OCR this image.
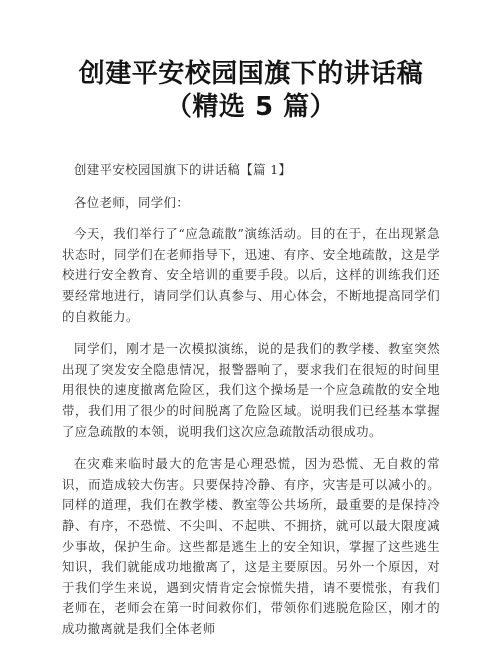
创建平安校园国旗下的讲话稿
（精选 5 篇）

创建平安校园国旗下的讲话稿【篇 1】

各位老师，同学们：

今天，我们举行了“应急疏散”演练活动。目的在于，在出现紧急状态时，同学们在老师指导下，迅速、有序、安全地疏散，这是学校进行安全教育、安全培训的重要手段。以后，这样的训练我们还要经常地进行，请同学们认真参与、用心体会，不断地提高同学们的自救能力。

同学们，刚才是一次模拟演练，说的是我们的教学楼、教室突然出现了突发安全隐患情况，报警器响了，要求我们在很短的时间里用很快的速度撤离危险区，我们这个操场是一个应急疏散的安全地带，我们用了很少的时间脱离了危险区域。说明我们已经基本掌握了应急疏散的本领，说明我们这次应急疏散活动很成功。

在灾难来临时最大的危害是心理恐慌，因为恐慌、无自救的常识，而造成较大伤害。只要保持冷静、有序，灾害是可以减小的。同样的道理，我们在教学楼、教室等公共场所，最重要的是保持冷静、有序，不恐慌、不尖叫、不起哄、不拥挤，就可以最大限度减少事故，保护生命。这些都是逃生上的安全知识，掌握了这些逃生知识，我们就能成功地撤离了，这是主要原因。另外一个原因，对于我们学生来说，遇到灾情肯定会惊慌失措，请不要慌张，有我们老师在，老师会在第一时间救你们，带领你们逃脱危险区，刚才的成功撤离就是我们全体老师
